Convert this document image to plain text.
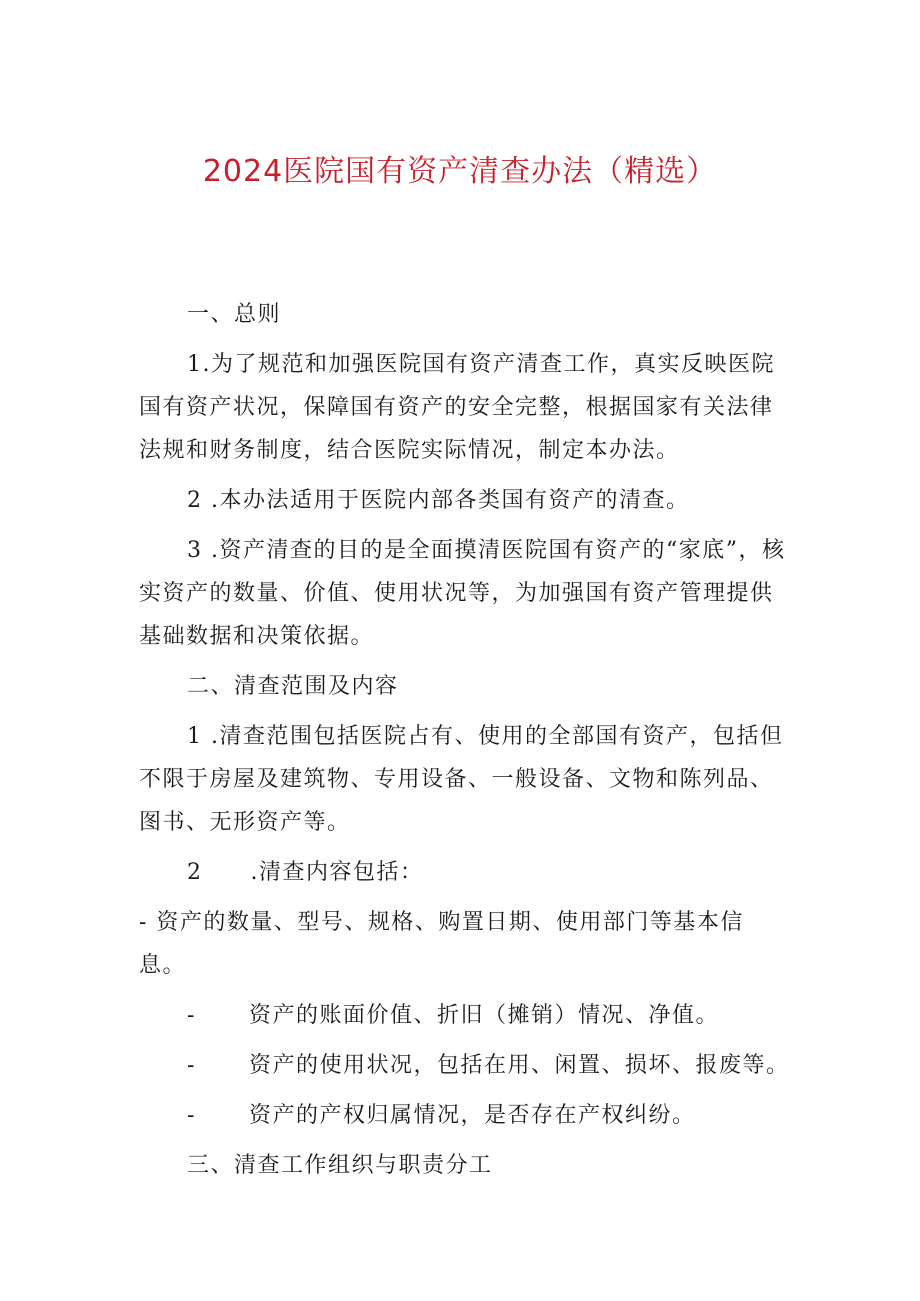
2024医院国有资产清查办法（精选）

一、总则

1.为了规范和加强医院国有资产清查工作，真实反映医院国有资产状况，保障国有资产的安全完整，根据国家有关法律法规和财务制度，结合医院实际情况，制定本办法。

2 .本办法适用于医院内部各类国有资产的清查。

3 .资产清查的目的是全面摸清医院国有资产的“家底”，核实资产的数量、价值、使用状况等，为加强国有资产管理提供基础数据和决策依据。

二、清查范围及内容

1 .清查范围包括医院占有、使用的全部国有资产，包括但不限于房屋及建筑物、专用设备、一般设备、文物和陈列品、图书、无形资产等。

2 .清查内容包括：

- 资产的数量、型号、规格、购置日期、使用部门等基本信息。

-	资产的账面价值、折旧（摊销）情况、净值。
-	资产的使用状况，包括在用、闲置、损坏、报废等。
-	资产的产权归属情况，是否存在产权纠纷。

三、清查工作组织与职责分工
